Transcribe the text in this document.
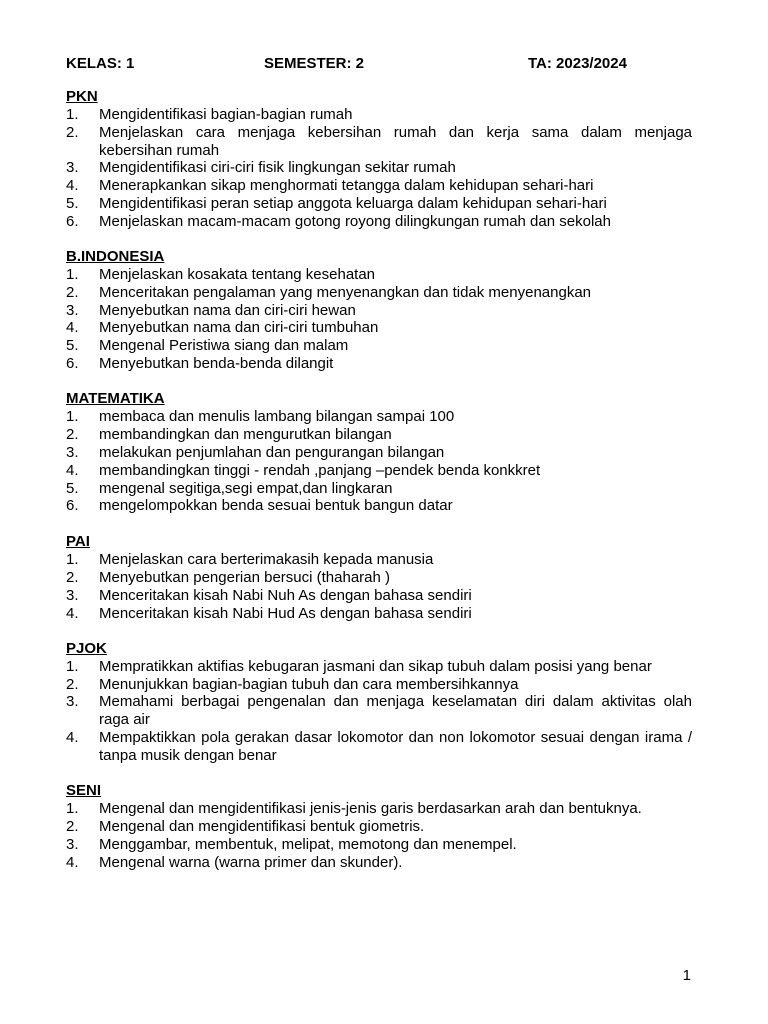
KELAS: 1	SEMESTER: 2	TA: 2023/2024
PKN
1.	Mengidentifikasi bagian-bagian rumah
2.	Menjelaskan cara menjaga kebersihan rumah dan kerja sama dalam menjaga kebersihan rumah
3.	Mengidentifikasi ciri-ciri fisik lingkungan sekitar rumah
4.	Menerapkankan sikap menghormati tetangga dalam kehidupan sehari-hari
5.	Mengidentifikasi peran setiap anggota keluarga dalam kehidupan sehari-hari
6.	Menjelaskan macam-macam gotong royong dilingkungan rumah dan sekolah
B.INDONESIA
1.	Menjelaskan kosakata tentang kesehatan
2.	Menceritakan pengalaman yang menyenangkan dan tidak menyenangkan
3.	Menyebutkan nama dan ciri-ciri hewan
4.	Menyebutkan nama dan ciri-ciri tumbuhan
5.	Mengenal Peristiwa siang dan malam
6.	Menyebutkan benda-benda dilangit
MATEMATIKA
1.	membaca dan menulis lambang bilangan sampai 100
2.	membandingkan dan mengurutkan bilangan
3.	melakukan penjumlahan dan pengurangan bilangan
4.	membandingkan tinggi - rendah ,panjang –pendek benda konkkret
5.	mengenal segitiga,segi empat,dan lingkaran
6.	mengelompokkan benda sesuai bentuk bangun datar
PAI
1.	Menjelaskan cara berterimakasih kepada manusia
2.	Menyebutkan pengerian bersuci (thaharah )
3.	Menceritakan kisah Nabi Nuh As dengan bahasa sendiri
4.	Menceritakan kisah Nabi Hud As dengan bahasa sendiri
PJOK
1.	Mempratikkan aktifias kebugaran jasmani dan sikap tubuh dalam posisi yang benar
2.	Menunjukkan bagian-bagian tubuh dan cara membersihkannya
3.	Memahami berbagai pengenalan dan menjaga keselamatan diri dalam aktivitas olah raga air
4.	Mempaktikkan pola gerakan dasar lokomotor dan non lokomotor sesuai dengan irama / tanpa musik dengan benar
SENI
1.	Mengenal dan mengidentifikasi jenis-jenis garis berdasarkan arah dan bentuknya.
2.	Mengenal dan mengidentifikasi bentuk giometris.
3.	Menggambar, membentuk, melipat, memotong dan menempel.
4.	Mengenal warna (warna primer dan skunder).
1
